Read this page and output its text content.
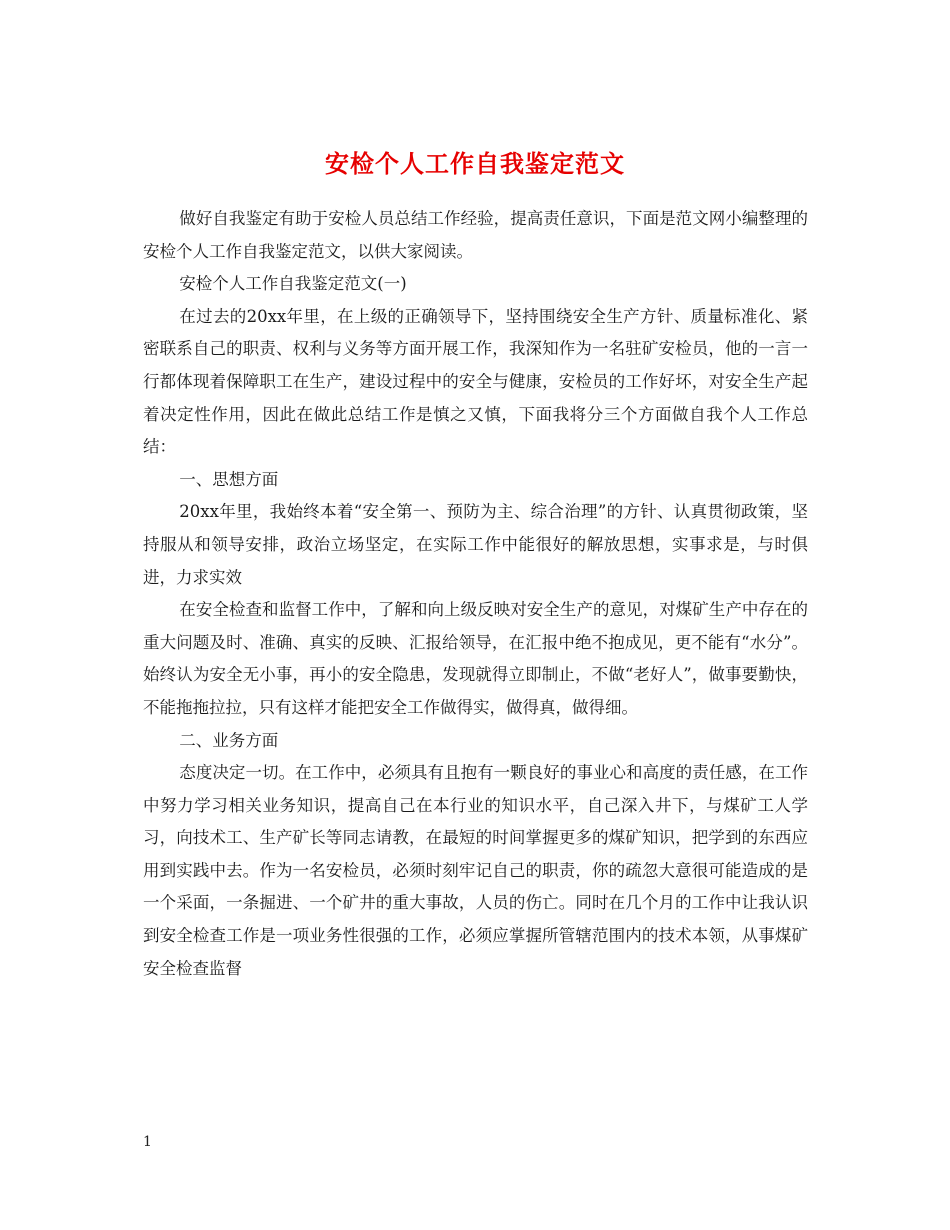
安检个人工作自我鉴定范文

做好自我鉴定有助于安检人员总结工作经验，提高责任意识，下面是范文网小编整理的安检个人工作自我鉴定范文，以供大家阅读。

安检个人工作自我鉴定范文(一)

在过去的20xx年里，在上级的正确领导下，坚持围绕安全生产方针、质量标准化、紧密联系自己的职责、权利与义务等方面开展工作，我深知作为一名驻矿安检员，他的一言一行都体现着保障职工在生产，建设过程中的安全与健康，安检员的工作好坏，对安全生产起着决定性作用，因此在做此总结工作是慎之又慎，下面我将分三个方面做自我个人工作总结：

一、思想方面

20xx年里，我始终本着“安全第一、预防为主、综合治理”的方针、认真贯彻政策，坚持服从和领导安排，政治立场坚定，在实际工作中能很好的解放思想，实事求是，与时俱进，力求实效

在安全检查和监督工作中，了解和向上级反映对安全生产的意见，对煤矿生产中存在的重大问题及时、准确、真实的反映、汇报给领导，在汇报中绝不抱成见，更不能有“水分”。始终认为安全无小事，再小的安全隐患，发现就得立即制止，不做“老好人”，做事要勤快，不能拖拖拉拉，只有这样才能把安全工作做得实，做得真，做得细。

二、业务方面

态度决定一切。在工作中，必须具有且抱有一颗良好的事业心和高度的责任感，在工作中努力学习相关业务知识，提高自己在本行业的知识水平，自己深入井下，与煤矿工人学习，向技术工、生产矿长等同志请教，在最短的时间掌握更多的煤矿知识，把学到的东西应用到实践中去。作为一名安检员，必须时刻牢记自己的职责，你的疏忽大意很可能造成的是一个采面，一条掘进、一个矿井的重大事故，人员的伤亡。同时在几个月的工作中让我认识到安全检查工作是一项业务性很强的工作，必须应掌握所管辖范围内的技术本领，从事煤矿安全检查监督

1
